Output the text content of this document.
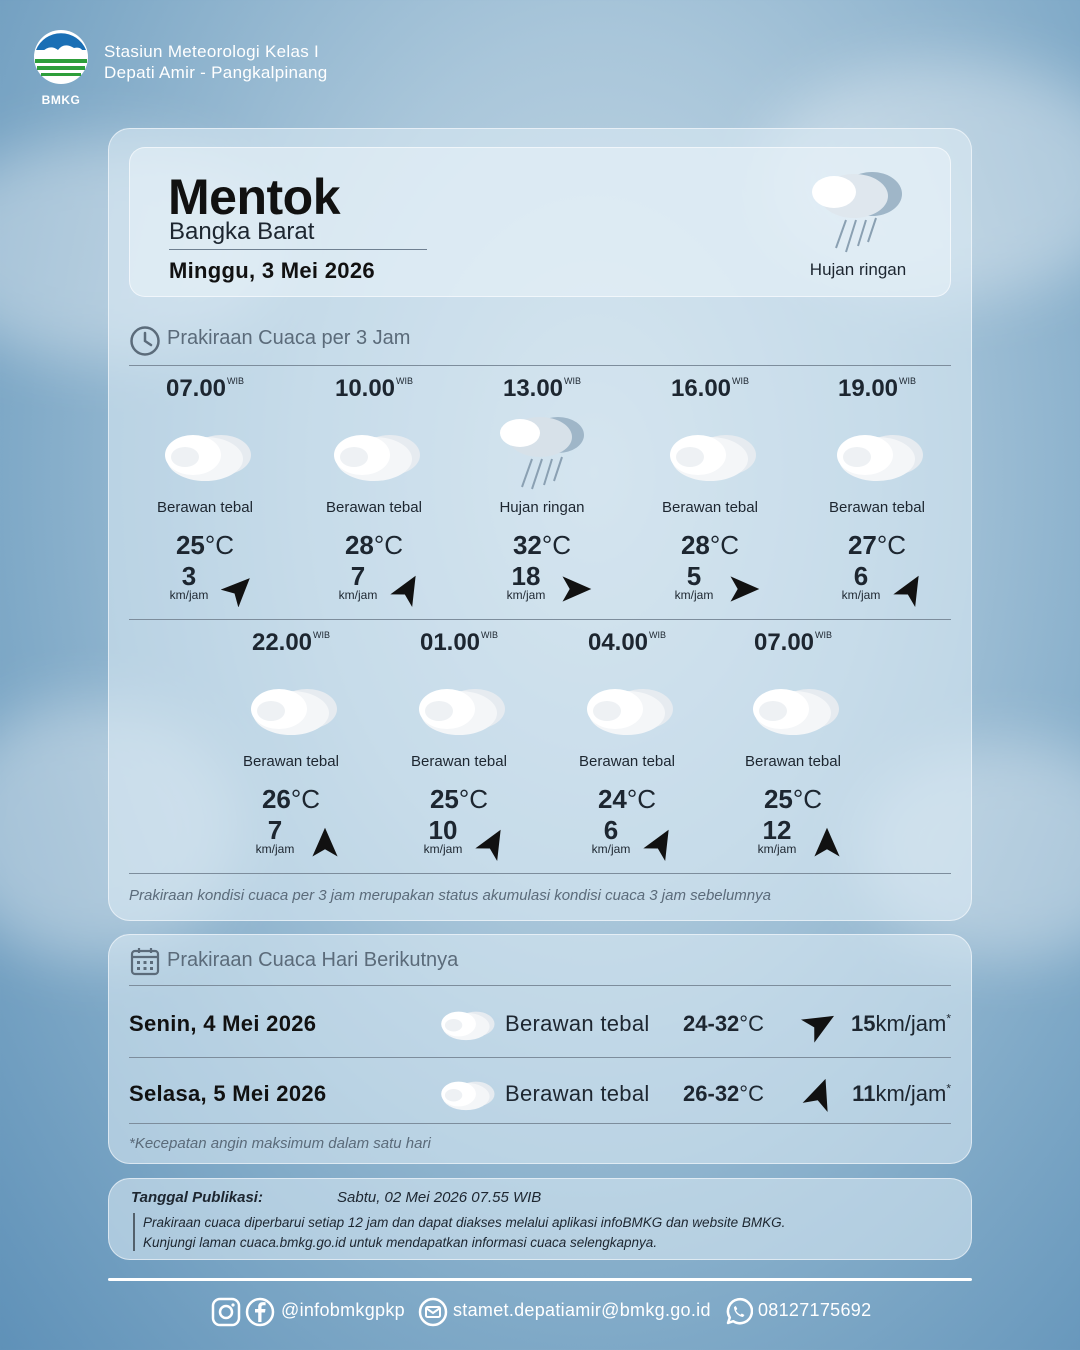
BMKG
Stasiun Meteorologi Kelas I
Depati Amir - Pangkalpinang
Mentok
Bangka Barat
Minggu, 3 Mei 2026	Hujan ringan
Prakiraan Cuaca per 3 Jam
$07.00^{WIB}$
Berawan tebal
25°C
3
km/jam
$10.00^{WIB}$
Berawan tebal
28°C
7
km/jam
$13.00^{WIB}$
Hujan ringan
32°C
18
km/jam
$16.00^{WIB}$
Berawan tebal
28°C
5
km/jam
$19.00^{WIB}$
Berawan tebal
27°C
6
km/jam
$22.00^{WIB}$
Berawan tebal
26°C
7
km/jam
$01.00^{WIB}$
Berawan tebal
25°C
10
km/jam
$04.00^{WIB}$
Berawan tebal
24°C
6
km/jam
$07.00^{WIB}$
Berawan tebal
25°C
12
km/jam
Prakiraan kondisi cuaca per 3 jam merupakan status akumulasi kondisi cuaca 3 jam sebelumnya
Prakiraan Cuaca Hari Berikutnya
Senin, 4 Mei 2026	Berawan tebal 24-32°C	15km/jam*
Selasa, 5 Mei 2026	Berawan tebal 26-32°C	11km/jam*
*Kecepatan angin maksimum dalam satu hari
Tanggal Publikasi:	Sabtu, 02 Mei 2026 07.55 WIB
Prakiraan cuaca diperbarui setiap 12 jam dan dapat diakses melalui aplikasi infoBMKG dan website BMKG.
Kunjungi laman cuaca.bmkg.go.id untuk mendapatkan informasi cuaca selengkapnya.
@infobmkgpkp	stamet.depatiamir@bmkg.go.id	08127175692
